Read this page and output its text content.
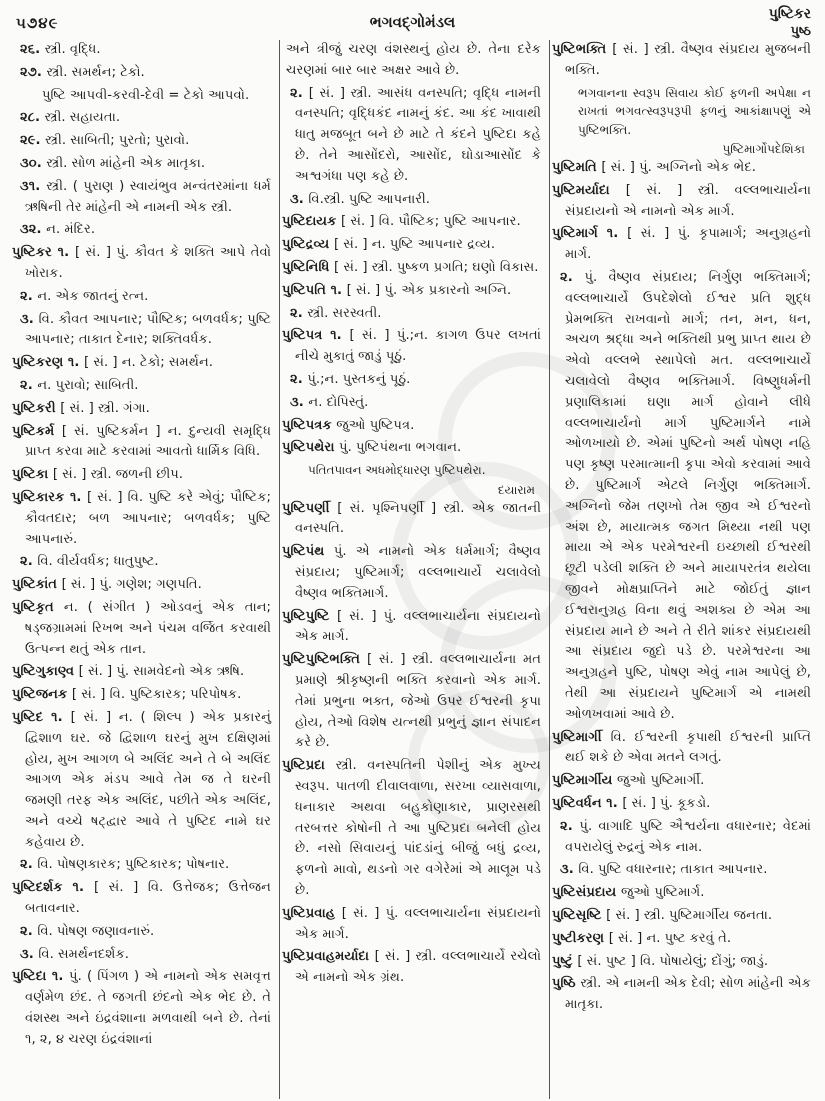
૫૭૪૯	ભગવદ્ગોમંડલ	પુષ્ટિકર
પુષ્ઠ
૨૬. સ્ત્રી. વૃદ્ધિ.
૨૭. સ્ત્રી. સમર્થન; ટેકો.
પુષ્ટિ આપવી-કરવી-દેવી = ટેકો આપવો.
૨૮. સ્ત્રી. સહાયતા.
૨૯. સ્ત્રી. સાબિતી; પુરતો; પુરાવો.
૩૦. સ્ત્રી. સોળ માંહેની એક માતૃકા.
૩૧. સ્ત્રી. ( પુરાણ ) સ્વાયંભુવ મન્વંતરમાંના ધર્મ ઋષિની તેર માંહેની એ નામની એક સ્ત્રી.
૩૨. ન. મંદિર.
પુષ્ટિકર ૧. [ સં. ] પું. કૌવત કે શક્તિ આપે તેવો ખોરાક.
૨. ન. એક જાતનું રત્ન.
૩. વિ. કૌવત આપનાર; પૌષ્ટિક; બળવર્ધક; પુષ્ટિ આપનાર; તાકાત દેનાર; શક્તિવર્ધક.
પુષ્ટિકરણ ૧. [ સં. ] ન. ટેકો; સમર્થન.
૨. ન. પુરાવો; સાબિતી.
પુષ્ટિકરી [ સં. ] સ્ત્રી. ગંગા.
પુષ્ટિકર્મ [ સં. પુષ્ટિકર્મન ] ન. દુન્યવી સમૃદ્ધિ પ્રાપ્ત કરવા માટે કરવામાં આવતો ધાર્મિક વિધિ.
પુષ્ટિકા [ સં. ] સ્ત્રી. જળની છીપ.
પુષ્ટિકારક ૧. [ સં. ] વિ. પુષ્ટિ કરે એવું; પૌષ્ટિક; કૌવતદાર; બળ આપનાર; બળવર્ધક; પુષ્ટિ આપનારું.
૨. વિ. વીર્યવર્ધક; ધાતુપુષ્ટ.
પુષ્ટિકાંત [ સં. ] પું. ગણેશ; ગણપતિ.
પુષ્ટિકૃત ન. ( સંગીત ) ઓડવનું એક તાન; ષડ્જગ્રામમાં રિખભ અને પંચમ વર્જિત કરવાથી ઉત્પન્ન થતું એક તાન.
પુષ્ટિગુકાણ્વ [ સં. ] પું. સામવેદનો એક ઋષિ.
પુષ્ટિજનક [ સં. ] વિ. પુષ્ટિકારક; પરિપોષક.
પુષ્ટિદ ૧. [ સં. ] ન. ( શિલ્પ ) એક પ્રકારનું દ્વિશાળ ઘર. જે દ્વિશાળ ઘરનું મુખ દક્ષિણમાં હોય, મુખ આગળ બે અલિંદ અને તે બે અલિંદ આગળ એક મંડપ આવે તેમ જ તે ઘરની જમણી તરફ એક અલિંદ, પછીતે એક અલિંદ, અને વચ્ચે ષટ્દ્વાર આવે તે પુષ્ટિદ નામે ઘર કહેવાય છે.
૨. વિ. પોષણકારક; પુષ્ટિકારક; પોષનાર.
પુષ્ટિદર્શક ૧. [ સં. ] વિ. ઉત્તેજક; ઉત્તેજન બતાવનાર.
૨. વિ. પોષણ જણાવનારું.
૩. વિ. સમર્થનદર્શક.
પુષ્ટિદા ૧. પું. ( પિંગળ ) એ નામનો એક સમવૃત્ત વર્ણમેળ છંદ. તે જગતી છંદનો એક ભેદ છે. તે વંશસ્થ અને ઇંદ્રવંશાના મળવાથી બને છે. તેનાં ૧, ૨, ૪ ચરણ ઇંદ્રવંશાનાં
અને ત્રીજું ચરણ વંશસ્થનું હોય છે. તેના દરેક ચરણમાં બાર બાર અક્ષર આવે છે.
૨. [ સં. ] સ્ત્રી. આસંધ વનસ્પતિ; વૃદ્ધિ નામની વનસ્પતિ; વૃદ્ધિકંદ નામનું કંદ. આ કંદ ખાવાથી ધાતુ મજબૂત બને છે માટે તે કંદને પુષ્ટિદા કહે છે. તેને આસોંદરો, આસોંદ, ઘોડાઆસોંદ કે અશ્વગંધા પણ કહે છે.
૩. વિ.સ્ત્રી. પુષ્ટિ આપનારી.
પુષ્ટિદાયક [ સં. ] વિ. પૌષ્ટિક; પુષ્ટિ આપનાર.
પુષ્ટિદ્રવ્ય [ સં. ] ન. પુષ્ટિ આપનાર દ્રવ્ય.
પુષ્ટિનિધિ [ સં. ] સ્ત્રી. પુષ્કળ પ્રગતિ; ઘણો વિકાસ.
પુષ્ટિપતિ ૧. [ સં. ] પું. એક પ્રકારનો અગ્નિ.
૨. સ્ત્રી. સરસ્વતી.
પુષ્ટિપત્ર ૧. [ સં. ] પું.;ન. કાગળ ઉપર લખતાં નીચે મુકાતું જાડું પૂઠું.
૨. પું.;ન. પુસ્તકનું પૂઠું.
૩. ન. દોપિસ્તું.
પુષ્ટિપત્રક જુઓ પુષ્ટિપત્ર.
પુષ્ટિપથેરા પું. પુષ્ટિપંથના ભગવાન.
પતિતપાવન અધમોદ્ધારણ પુષ્ટિપથેરા.
દયારામ
પુષ્ટિપર્ણી [ સં. પૃશ્નિપર્ણી ] સ્ત્રી. એક જાતની વનસ્પતિ.
પુષ્ટિપંથ પું. એ નામનો એક ધર્મમાર્ગ; વૈષ્ણવ સંપ્રદાય; પુષ્ટિમાર્ગ; વલ્લભાચાર્યે ચલાવેલો વૈષ્ણવ ભક્તિમાર્ગ.
પુષ્ટિપુષ્ટિ [ સં. ] પું. વલ્લભાચાર્યના સંપ્રદાયનો એક માર્ગ.
પુષ્ટિપુષ્ટિભક્તિ [ સં. ] સ્ત્રી. વલ્લભાચાર્યના મત પ્રમાણે શ્રીકૃષ્ણની ભક્તિ કરવાનો એક માર્ગ. તેમાં પ્રભુના ભક્ત, જેઓ ઉપર ઈશ્વરની કૃપા હોય, તેઓ વિશેષ યત્નથી પ્રભુનું જ્ઞાન સંપાદન કરે છે.
પુષ્ટિપ્રદા સ્ત્રી. વનસ્પતિની પેશીનું એક મુખ્ય સ્વરૂપ. પાતળી દીવાલવાળા, સરખા વ્યાસવાળા, ધનાકાર અથવા બહુકોણાકાર, પ્રાણરસથી તરબત્તર કોષોની તે આ પુષ્ટિપ્રદા બનેલી હોય છે. નસો સિવાયનું પાંદડાંનું બીજું બધું દ્રવ્ય, ફળનો માવો, થડનો ગર વગેરેમાં એ માલૂમ પડે છે.
પુષ્ટિપ્રવાહ [ સં. ] પું. વલ્લભાચાર્યના સંપ્રદાયનો એક માર્ગ.
પુષ્ટિપ્રવાહમર્યાદા [ સં. ] સ્ત્રી. વલ્લભાચાર્યે રચેલો એ નામનો એક ગ્રંથ.
પુષ્ટિભક્તિ [ સં. ] સ્ત્રી. વૈષ્ણવ સંપ્રદાય મુજબની ભક્તિ.
ભગવાનના સ્વરૂપ સિવાય કોઈ ફળની અપેક્ષા ન રાખતાં ભગવત્સ્વરૂપરૂપી ફળનું આકાંક્ષાપણું એ પુષ્ટિભક્તિ.
પુષ્ટિમાર્ગોપદેશિકા
પુષ્ટિમતિ [ સં. ] પું. અગ્નિનો એક ભેદ.
પુષ્ટિમર્યાદા [ સં. ] સ્ત્રી. વલ્લભાચાર્યના સંપ્રદાયનો એ નામનો એક માર્ગ.
પુષ્ટિમાર્ગ ૧. [ સં. ] પું. કૃપામાર્ગ; અનુગ્રહનો માર્ગ.
૨. પું. વૈષ્ણવ સંપ્રદાય; નિર્ગુણ ભક્તિમાર્ગ; વલ્લભાચાર્યે ઉપદેશેલો ઈશ્વર પ્રતિ શુદ્ધ પ્રેમભક્તિ રાખવાનો માર્ગ; તન, મન, ધન, અચળ શ્રદ્ધા અને ભક્તિથી પ્રભુ પ્રાપ્ત થાય છે એવો વલ્લભે સ્થાપેલો મત. વલ્લભાચાર્યે ચલાવેલો વૈષ્ણવ ભક્તિમાર્ગ. વિષ્ણુધર્મની પ્રણાલિકામાં ઘણા માર્ગ હોવાને લીધે વલ્લભાચાર્યનો માર્ગ પુષ્ટિમાર્ગને નામે ઓળખાયો છે. એમાં પુષ્ટિનો અર્થ પોષણ નહિ પણ કૃષ્ણ પરમાત્માની કૃપા એવો કરવામાં આવે છે. પુષ્ટિમાર્ગ એટલે નિર્ગુણ ભક્તિમાર્ગ. અગ્નિનો જેમ તણખો તેમ જીવ એ ઈશ્વરનો અંશ છે, માયાત્મક જગત મિથ્યા નથી પણ માયા એ એક પરમેશ્વરની ઇચ્છાથી ઈશ્વરથી છૂટી પડેલી શક્તિ છે અને માયાપરતંત્ર થયેલા જીવને મોક્ષપ્રાપ્તિને માટે જોઈતું જ્ઞાન ઈશ્વરાનુગ્રહ વિના થવું અશક્ય છે એમ આ સંપ્રદાય માને છે અને તે રીતે શાંકર સંપ્રદાયથી આ સંપ્રદાય જુદો પડે છે. પરમેશ્વરના આ અનુગ્રહને પુષ્ટિ, પોષણ એવું નામ આપેલું છે, તેથી આ સંપ્રદાયને પુષ્ટિમાર્ગ એ નામથી ઓળખવામાં આવે છે.
પુષ્ટિમાર્ગી વિ. ઈશ્વરની કૃપાથી ઈશ્વરની પ્રાપ્તિ થઈ શકે છે એવા મતને લગતું.
પુષ્ટિમાર્ગીય જુઓ પુષ્ટિમાર્ગી.
પુષ્ટિવર્ધન ૧. [ સં. ] પું. કૂકડો.
૨. પું. વાગાદિ પુષ્ટિ ઐશ્વર્યના વધારનાર; વેદમાં વપરાયેલું રુદ્રનું એક નામ.
૩. વિ. પુષ્ટિ વધારનાર; તાકાત આપનાર.
પુષ્ટિસંપ્રદાય જુઓ પુષ્ટિમાર્ગ.
પુષ્ટિસૃષ્ટિ [ સં. ] સ્ત્રી. પુષ્ટિમાર્ગીય જનતા.
પુષ્ટીકરણ [ સં. ] ન. પુષ્ટ કરવું તે.
પુષ્ટું [ સં. પુષ્ટ ] વિ. પોષાયેલું; દોંગું; જાડું.
પુષ્ઠિ સ્ત્રી. એ નામની એક દેવી; સોળ માંહેની એક માતૃકા.
